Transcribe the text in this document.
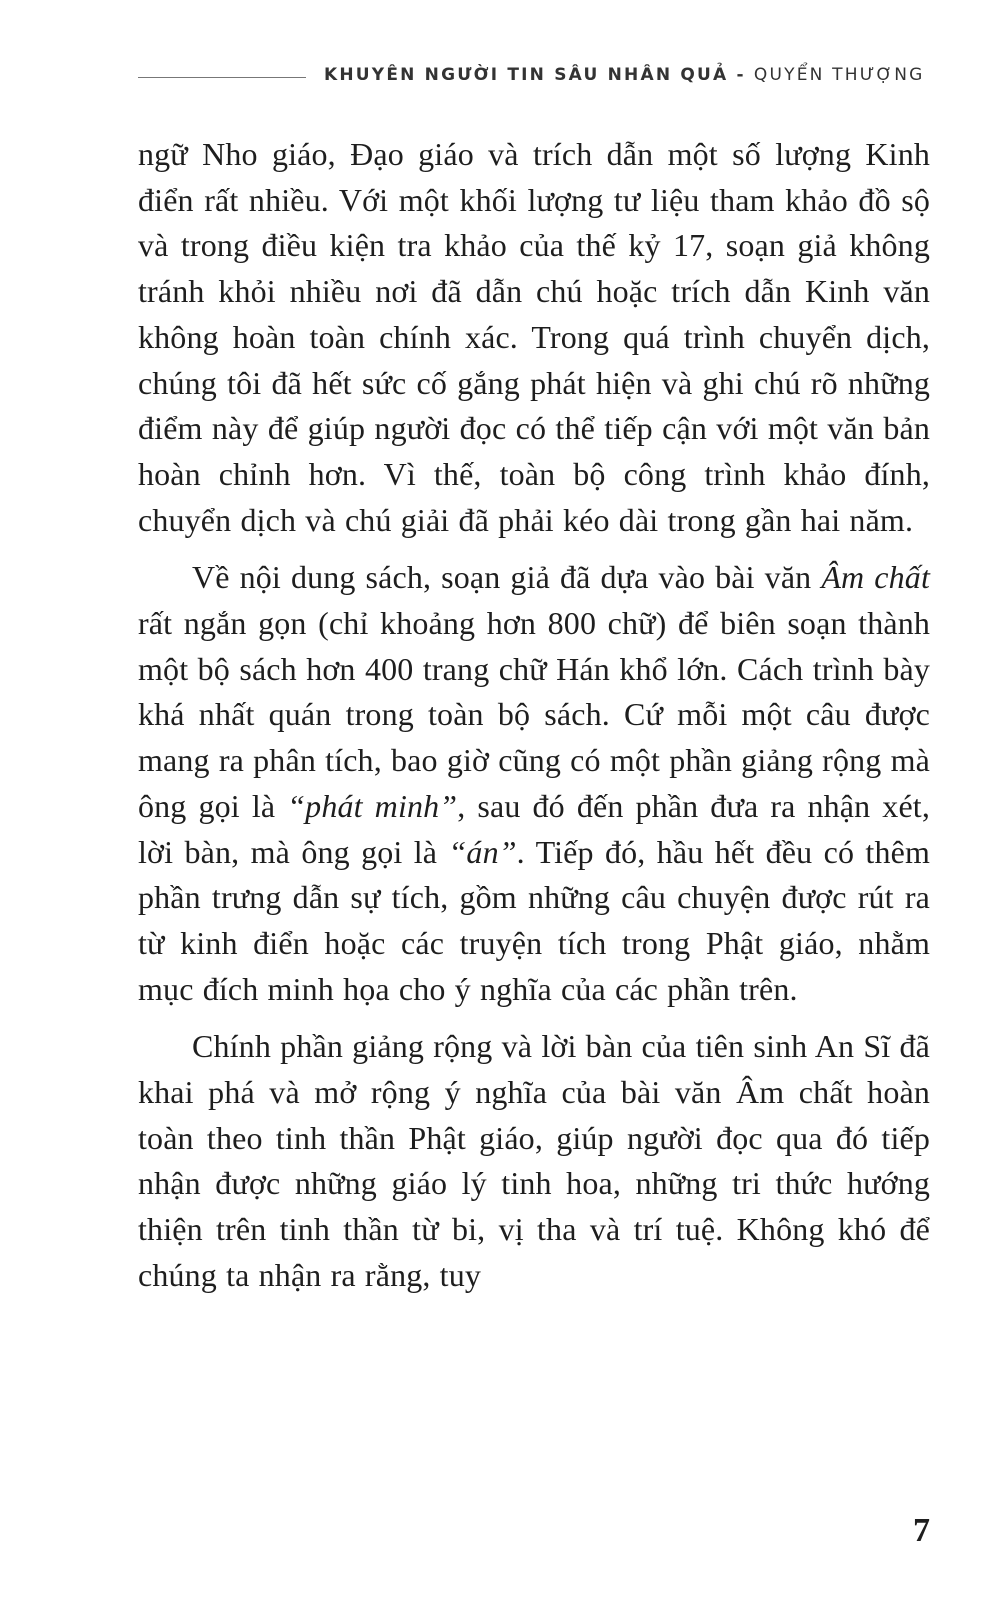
KHUYÊN NGƯỜI TIN SÂU NHÂN QUẢ - QUYỂN THƯỢNG

ngữ Nho giáo, Đạo giáo và trích dẫn một số lượng Kinh điển rất nhiều. Với một khối lượng tư liệu tham khảo đồ sộ và trong điều kiện tra khảo của thế kỷ 17, soạn giả không tránh khỏi nhiều nơi đã dẫn chú hoặc trích dẫn Kinh văn không hoàn toàn chính xác. Trong quá trình chuyển dịch, chúng tôi đã hết sức cố gắng phát hiện và ghi chú rõ những điểm này để giúp người đọc có thể tiếp cận với một văn bản hoàn chỉnh hơn. Vì thế, toàn bộ công trình khảo đính, chuyển dịch và chú giải đã phải kéo dài trong gần hai năm.

Về nội dung sách, soạn giả đã dựa vào bài văn Âm chất rất ngắn gọn (chỉ khoảng hơn 800 chữ) để biên soạn thành một bộ sách hơn 400 trang chữ Hán khổ lớn. Cách trình bày khá nhất quán trong toàn bộ sách. Cứ mỗi một câu được mang ra phân tích, bao giờ cũng có một phần giảng rộng mà ông gọi là “phát minh”, sau đó đến phần đưa ra nhận xét, lời bàn, mà ông gọi là “án”. Tiếp đó, hầu hết đều có thêm phần trưng dẫn sự tích, gồm những câu chuyện được rút ra từ kinh điển hoặc các truyện tích trong Phật giáo, nhằm mục đích minh họa cho ý nghĩa của các phần trên.

Chính phần giảng rộng và lời bàn của tiên sinh An Sĩ đã khai phá và mở rộng ý nghĩa của bài văn Âm chất hoàn toàn theo tinh thần Phật giáo, giúp người đọc qua đó tiếp nhận được những giáo lý tinh hoa, những tri thức hướng thiện trên tinh thần từ bi, vị tha và trí tuệ. Không khó để chúng ta nhận ra rằng, tuy

7
